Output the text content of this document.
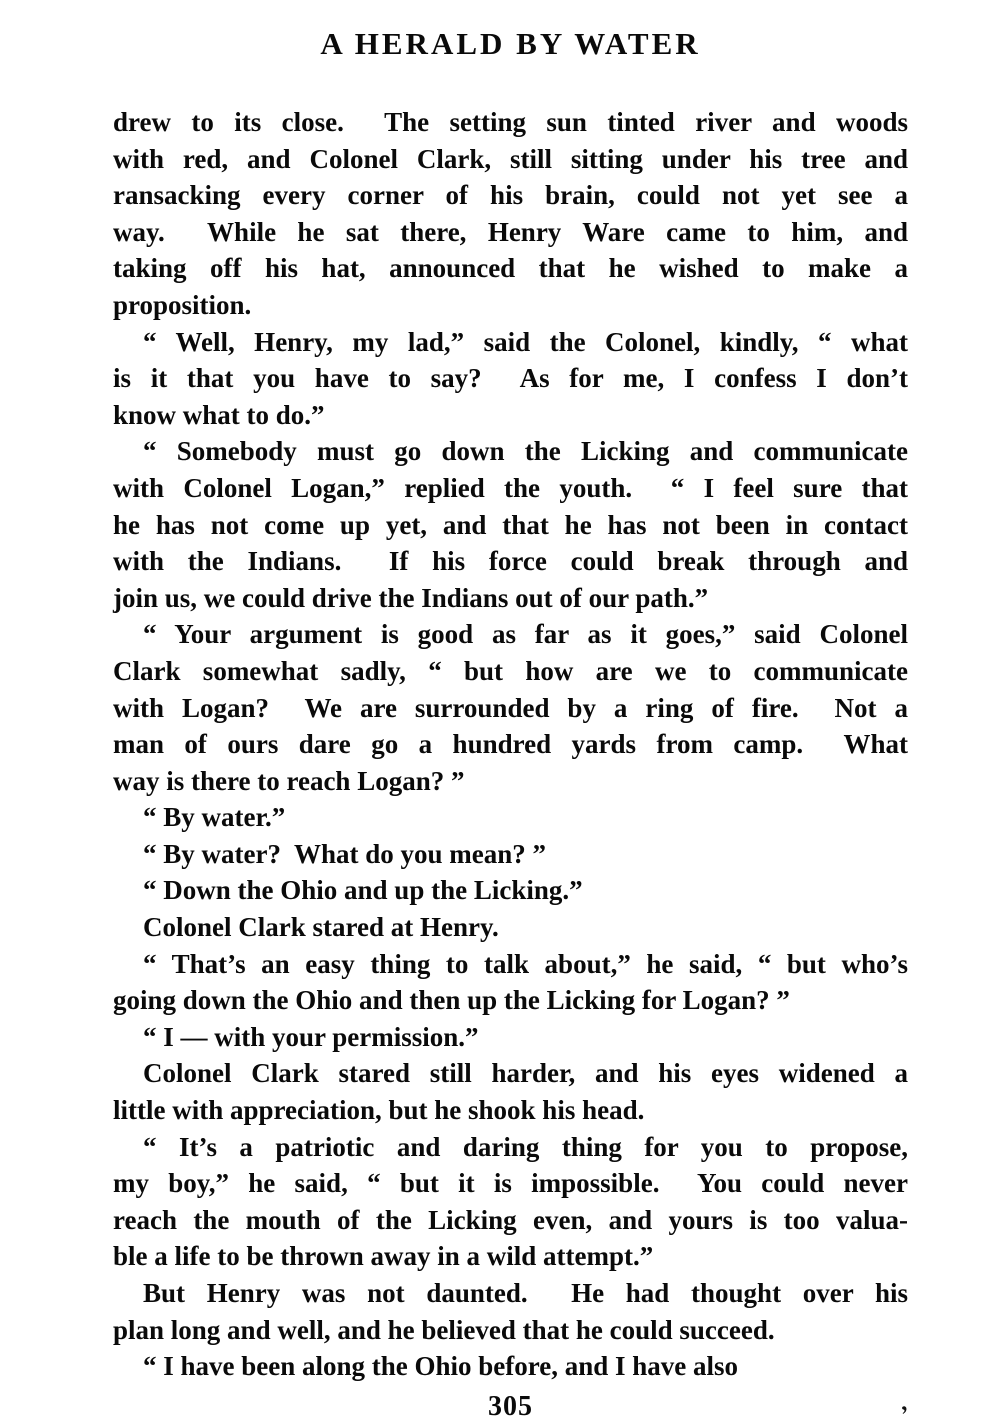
A HERALD BY WATER
drew to its close.  The setting sun tinted river and woods
with red, and Colonel Clark, still sitting under his tree and
ransacking every corner of his brain, could not yet see a
way.  While he sat there, Henry Ware came to him, and
taking off his hat, announced that he wished to make a
proposition.
“ Well, Henry, my lad,” said the Colonel, kindly, “ what
is it that you have to say?  As for me, I confess I don’t
know what to do.”
“ Somebody must go down the Licking and communicate
with Colonel Logan,” replied the youth.  “ I feel sure that
he has not come up yet, and that he has not been in contact
with the Indians.  If his force could break through and
join us, we could drive the Indians out of our path.”
“ Your argument is good as far as it goes,” said Colonel
Clark somewhat sadly, “ but how are we to communicate
with Logan?  We are surrounded by a ring of fire.  Not a
man of ours dare go a hundred yards from camp.  What
way is there to reach Logan? ”
“ By water.”
“ By water?  What do you mean? ”
“ Down the Ohio and up the Licking.”
Colonel Clark stared at Henry.
“ That’s an easy thing to talk about,” he said, “ but who’s
going down the Ohio and then up the Licking for Logan? ”
“ I — with your permission.”
Colonel Clark stared still harder, and his eyes widened a
little with appreciation, but he shook his head.
“ It’s a patriotic and daring thing for you to propose,
my boy,” he said, “ but it is impossible.  You could never
reach the mouth of the Licking even, and yours is too valua-
ble a life to be thrown away in a wild attempt.”
But Henry was not daunted.  He had thought over his
plan long and well, and he believed that he could succeed.
“ I have been along the Ohio before, and I have also
305	,
